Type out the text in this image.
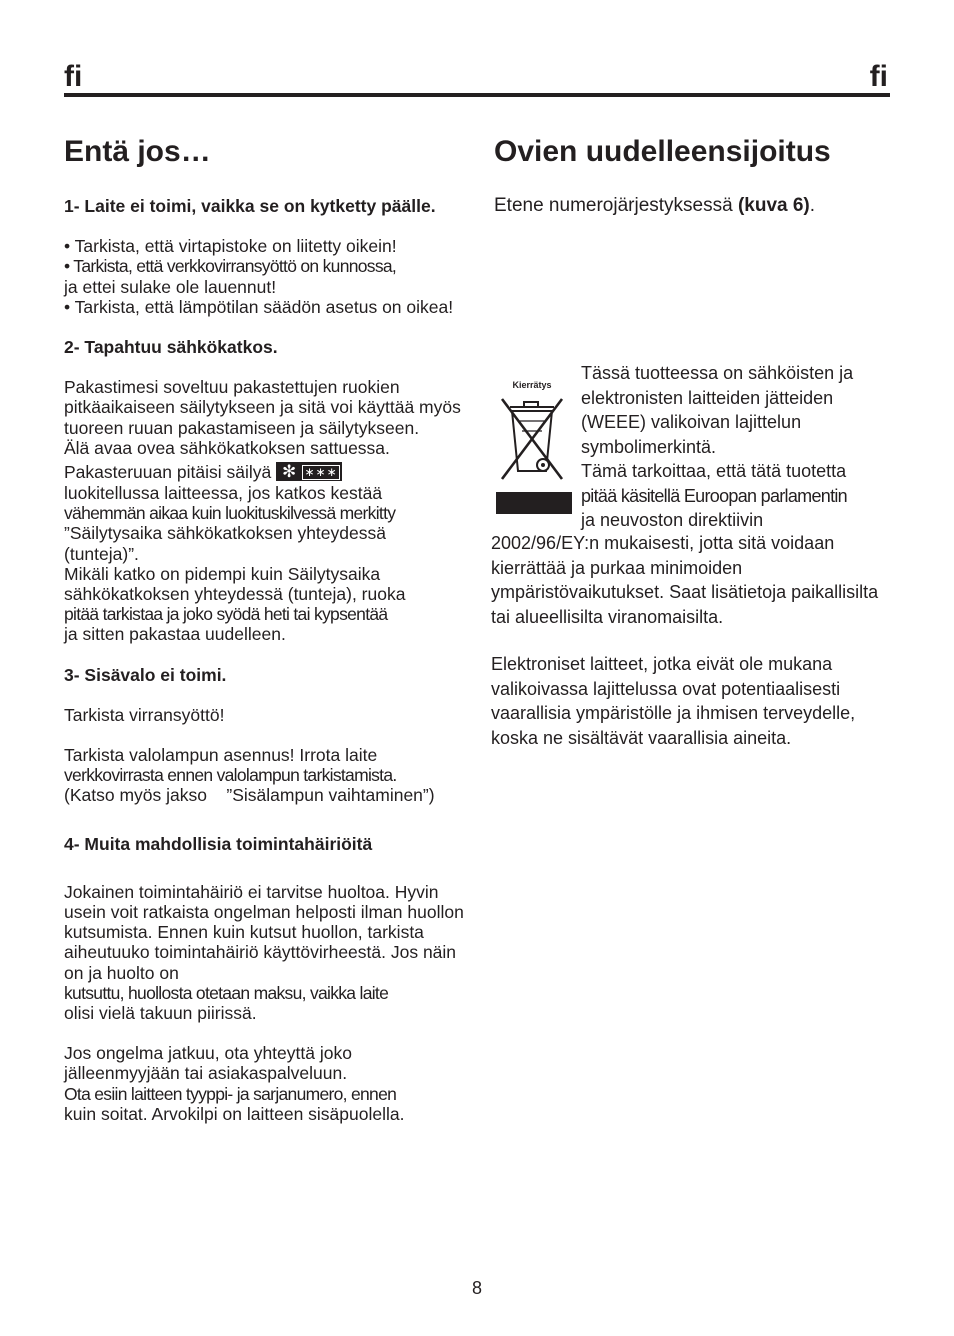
fi	fi
Entä jos…	Ovien uudelleensijoitus

1- Laite ei toimi, vaikka se on kytketty päälle.

• Tarkista, että virtapistoke on liitetty oikein!

• Tarkista, että verkkovirransyöttö on kunnossa,

ja ettei sulake ole lauennut!

• Tarkista, että lämpötilan säädön asetus on oikea!

2- Tapahtuu sähkökatkos.

Pakastimesi soveltuu pakastettujen ruokien pitkäaikaiseen säilytykseen ja sitä voi käyttää myös tuoreen ruuan pakastamiseen ja säilytykseen.

Älä avaa ovea sähkökatkoksen sattuessa.

Pakasteruuan pitäisi säilyä ✻ ∗∗∗
luokitellussa laitteessa, jos katkos kestää
vähemmän aikaa kuin luokituskilvessä merkitty
”Säilytysaika sähkökatkoksen yhteydessä (tunteja)”.

Mikäli katko on pidempi kuin Säilytysaika sähkökatkoksen yhteydessä (tunteja), ruoka
pitää tarkistaa ja joko syödä heti tai kypsentää
ja sitten pakastaa uudelleen.

3- Sisävalo ei toimi.

Tarkista virransyöttö!

Tarkista valolampun asennus! Irrota laite
verkkovirrasta ennen valolampun tarkistamista.
(Katso myös jakso    ”Sisälampun vaihtaminen”)

4- Muita mahdollisia toimintahäiriöitä

Jokainen toimintahäiriö ei tarvitse huoltoa. Hyvin usein voit ratkaista ongelman helposti ilman huollon kutsumista. Ennen kuin kutsut huollon, tarkista aiheutuuko toimintahäiriö käyttövirheestä. Jos näin on ja huolto on
kutsuttu, huollosta otetaan maksu, vaikka laite
olisi vielä takuun piirissä.

Jos ongelma jatkuu, ota yhteyttä joko jälleenmyyjään tai asiakaspalveluun.
Ota esiin laitteen tyyppi- ja sarjanumero, ennen
kuin soitat. Arvokilpi on laitteen sisäpuolella.

Etene numerojärjestyksessä (kuva 6).

Kierrätys

Tässä tuotteessa on sähköisten ja elektronisten laitteiden jätteiden (WEEE) valikoivan lajittelun symbolimerkintä.

Tämä tarkoittaa, että tätä tuotetta

pitää käsitellä Euroopan parlamentin

ja neuvoston direktiivin

2002/96/EY:n mukaisesti, jotta sitä voidaan kierrättää ja purkaa minimoiden ympäristövaikutukset. Saat lisätietoja paikallisilta tai alueellisilta viranomaisilta.

Elektroniset laitteet, jotka eivät ole mukana valikoivassa lajittelussa ovat potentiaalisesti vaarallisia ympäristölle ja ihmisen terveydelle, koska ne sisältävät vaarallisia aineita.

8
